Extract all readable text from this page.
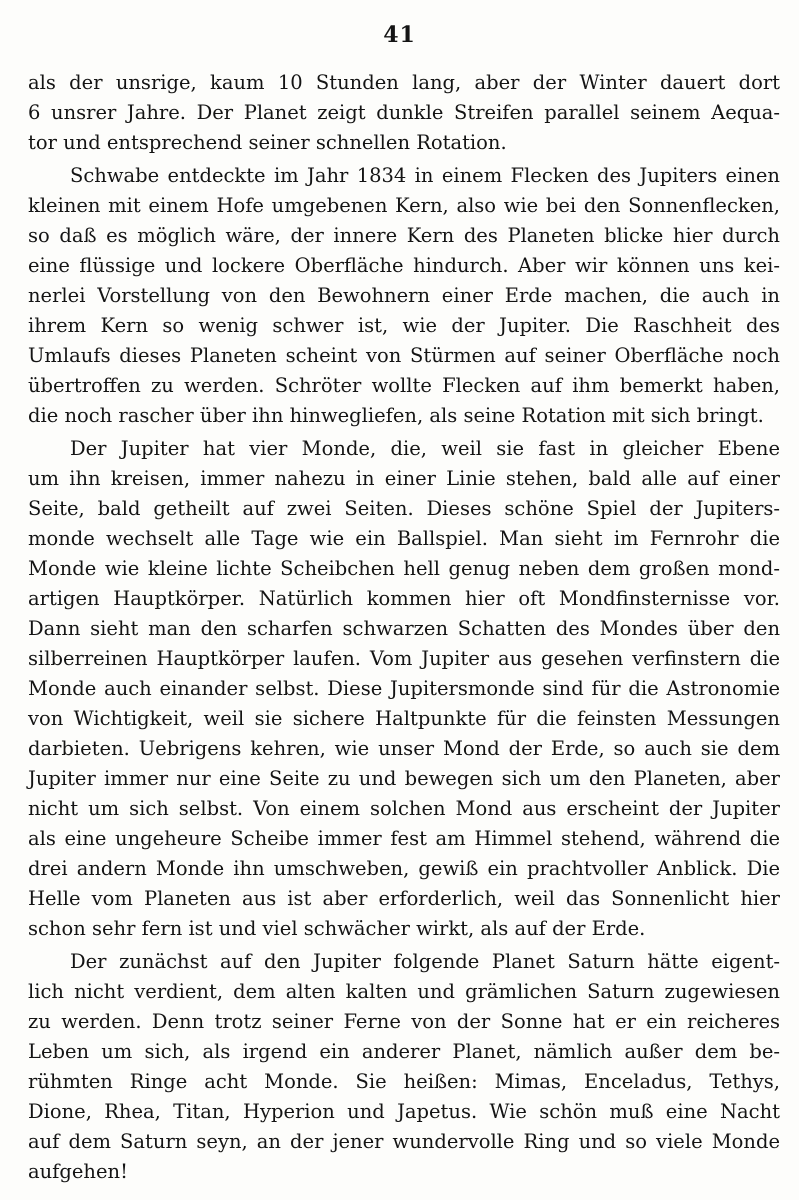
41
als der unsrige, kaum 10 Stunden lang, aber der Winter dauert dort
6 unsrer Jahre. Der Planet zeigt dunkle Streifen parallel seinem Aequa-
tor und entsprechend seiner schnellen Rotation.
Schwabe entdeckte im Jahr 1834 in einem Flecken des Jupiters einen
kleinen mit einem Hofe umgebenen Kern, also wie bei den Sonnenflecken,
so daß es möglich wäre, der innere Kern des Planeten blicke hier durch
eine flüssige und lockere Oberfläche hindurch. Aber wir können uns kei-
nerlei Vorstellung von den Bewohnern einer Erde machen, die auch in
ihrem Kern so wenig schwer ist, wie der Jupiter. Die Raschheit des
Umlaufs dieses Planeten scheint von Stürmen auf seiner Oberfläche noch
übertroffen zu werden. Schröter wollte Flecken auf ihm bemerkt haben,
die noch rascher über ihn hinwegliefen, als seine Rotation mit sich bringt.
Der Jupiter hat vier Monde, die, weil sie fast in gleicher Ebene
um ihn kreisen, immer nahezu in einer Linie stehen, bald alle auf einer
Seite, bald getheilt auf zwei Seiten. Dieses schöne Spiel der Jupiters-
monde wechselt alle Tage wie ein Ballspiel. Man sieht im Fernrohr die
Monde wie kleine lichte Scheibchen hell genug neben dem großen mond-
artigen Hauptkörper. Natürlich kommen hier oft Mondfinsternisse vor.
Dann sieht man den scharfen schwarzen Schatten des Mondes über den
silberreinen Hauptkörper laufen. Vom Jupiter aus gesehen verfinstern die
Monde auch einander selbst. Diese Jupitersmonde sind für die Astronomie
von Wichtigkeit, weil sie sichere Haltpunkte für die feinsten Messungen
darbieten. Uebrigens kehren, wie unser Mond der Erde, so auch sie dem
Jupiter immer nur eine Seite zu und bewegen sich um den Planeten, aber
nicht um sich selbst. Von einem solchen Mond aus erscheint der Jupiter
als eine ungeheure Scheibe immer fest am Himmel stehend, während die
drei andern Monde ihn umschweben, gewiß ein prachtvoller Anblick. Die
Helle vom Planeten aus ist aber erforderlich, weil das Sonnenlicht hier
schon sehr fern ist und viel schwächer wirkt, als auf der Erde.
Der zunächst auf den Jupiter folgende Planet Saturn hätte eigent-
lich nicht verdient, dem alten kalten und grämlichen Saturn zugewiesen
zu werden. Denn trotz seiner Ferne von der Sonne hat er ein reicheres
Leben um sich, als irgend ein anderer Planet, nämlich außer dem be-
rühmten Ringe acht Monde. Sie heißen: Mimas, Enceladus, Tethys,
Dione, Rhea, Titan, Hyperion und Japetus. Wie schön muß eine Nacht
auf dem Saturn seyn, an der jener wundervolle Ring und so viele Monde
aufgehen!
